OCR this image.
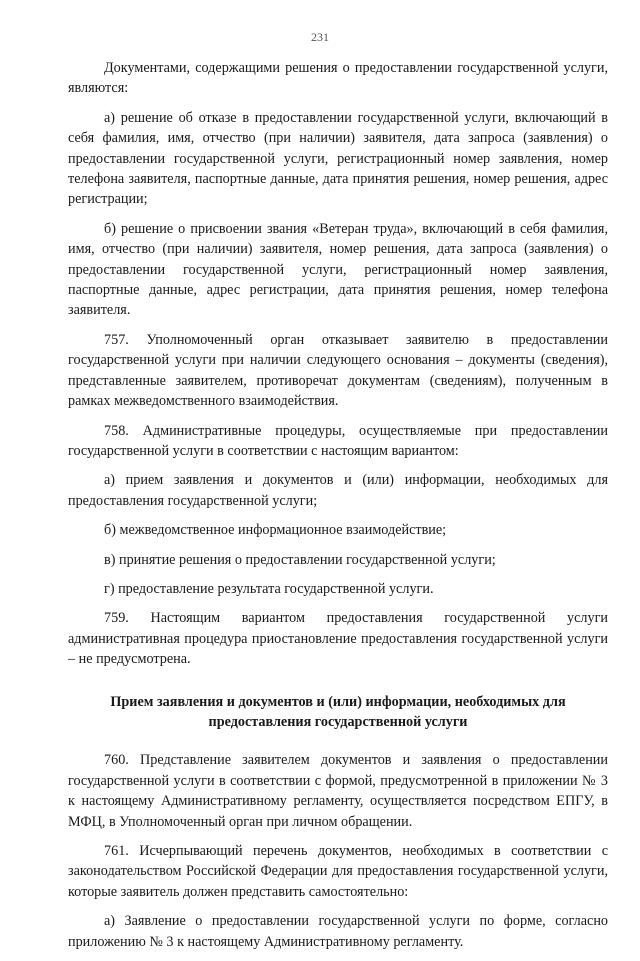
231

Документами, содержащими решения о предоставлении государственной услуги, являются:

а) решение об отказе в предоставлении государственной услуги, включающий в себя фамилия, имя, отчество (при наличии) заявителя, дата запроса (заявления) о предоставлении государственной услуги, регистрационный номер заявления, номер телефона заявителя, паспортные данные, дата принятия решения, номер решения, адрес регистрации;

б) решение о присвоении звания «Ветеран труда», включающий в себя фамилия, имя, отчество (при наличии) заявителя, номер решения, дата запроса (заявления) о предоставлении государственной услуги, регистрационный номер заявления, паспортные данные, адрес регистрации, дата принятия решения, номер телефона заявителя.

757. Уполномоченный орган отказывает заявителю в предоставлении государственной услуги при наличии следующего основания – документы (сведения), представленные заявителем, противоречат документам (сведениям), полученным в рамках межведомственного взаимодействия.

758. Административные процедуры, осуществляемые при предоставлении государственной услуги в соответствии с настоящим вариантом:

а) прием заявления и документов и (или) информации, необходимых для предоставления государственной услуги;

б) межведомственное информационное взаимодействие;

в) принятие решения о предоставлении государственной услуги;

г) предоставление результата государственной услуги.

759. Настоящим вариантом предоставления государственной услуги административная процедура приостановление предоставления государственной услуги – не предусмотрена.

Прием заявления и документов и (или) информации, необходимых для предоставления государственной услуги

760. Представление заявителем документов и заявления о предоставлении государственной услуги в соответствии с формой, предусмотренной в приложении № 3 к настоящему Административному регламенту, осуществляется посредством ЕПГУ, в МФЦ, в Уполномоченный орган при личном обращении.

761. Исчерпывающий перечень документов, необходимых в соответствии с законодательством Российской Федерации для предоставления государственной услуги, которые заявитель должен представить самостоятельно:

а) Заявление о предоставлении государственной услуги по форме, согласно приложению № 3 к настоящему Административному регламенту.
